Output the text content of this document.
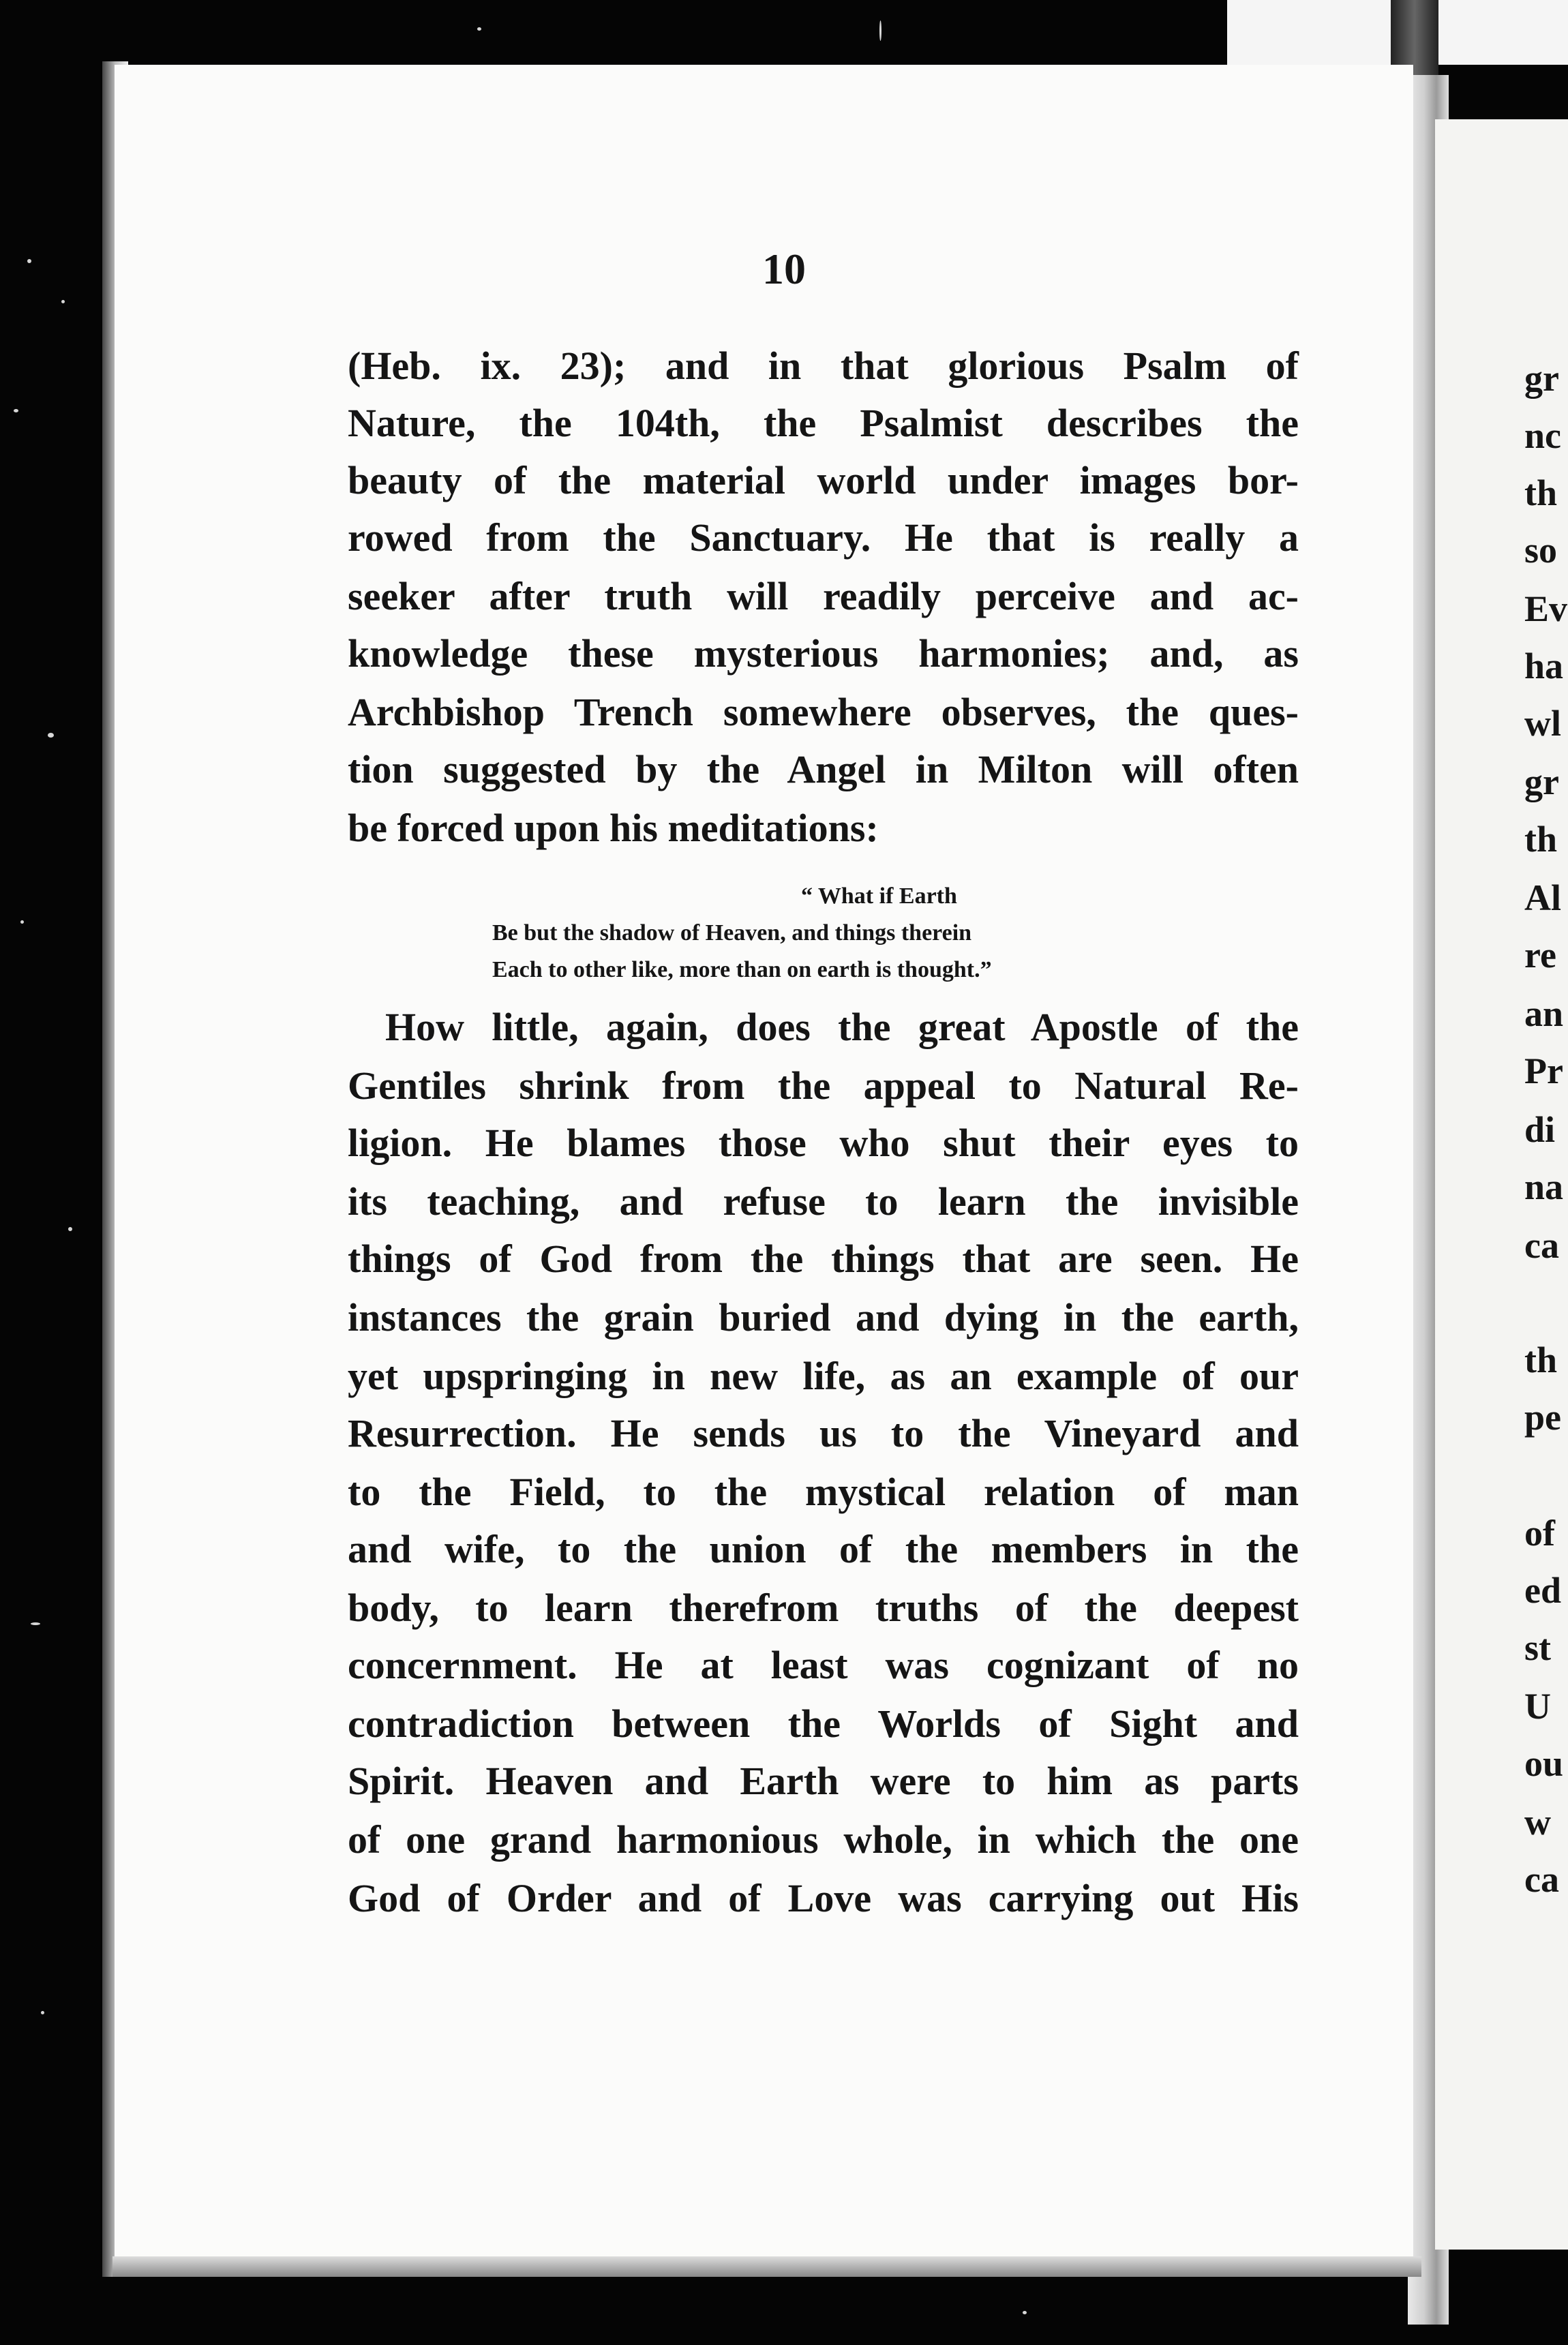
10
(Heb. ix. 23); and in that glorious Psalm of
Nature, the 104th, the Psalmist describes the
beauty of the material world under images bor-
rowed from the Sanctuary. He that is really a
seeker after truth will readily perceive and ac-
knowledge these mysterious harmonies; and, as
Archbishop Trench somewhere observes, the ques-
tion suggested by the Angel in Milton will often
be forced upon his meditations:
“ What if Earth
Be but the shadow of Heaven, and things therein
Each to other like, more than on earth is thought.”
How little, again, does the great Apostle of the
Gentiles shrink from the appeal to Natural Re-
ligion. He blames those who shut their eyes to
its teaching, and refuse to learn the invisible
things of God from the things that are seen. He
instances the grain buried and dying in the earth,
yet upspringing in new life, as an example of our
Resurrection. He sends us to the Vineyard and
to the Field, to the mystical relation of man
and wife, to the union of the members in the
body, to learn therefrom truths of the deepest
concernment. He at least was cognizant of no
contradiction between the Worlds of Sight and
Spirit. Heaven and Earth were to him as parts
of one grand harmonious whole, in which the one
God of Order and of Love was carrying out His
gr
nc
th
so
Ev
ha
wl
gr
th
Al
re
an
Pr
di
na
ca
th
pe
of
ed
st
U
ou
w
ca
